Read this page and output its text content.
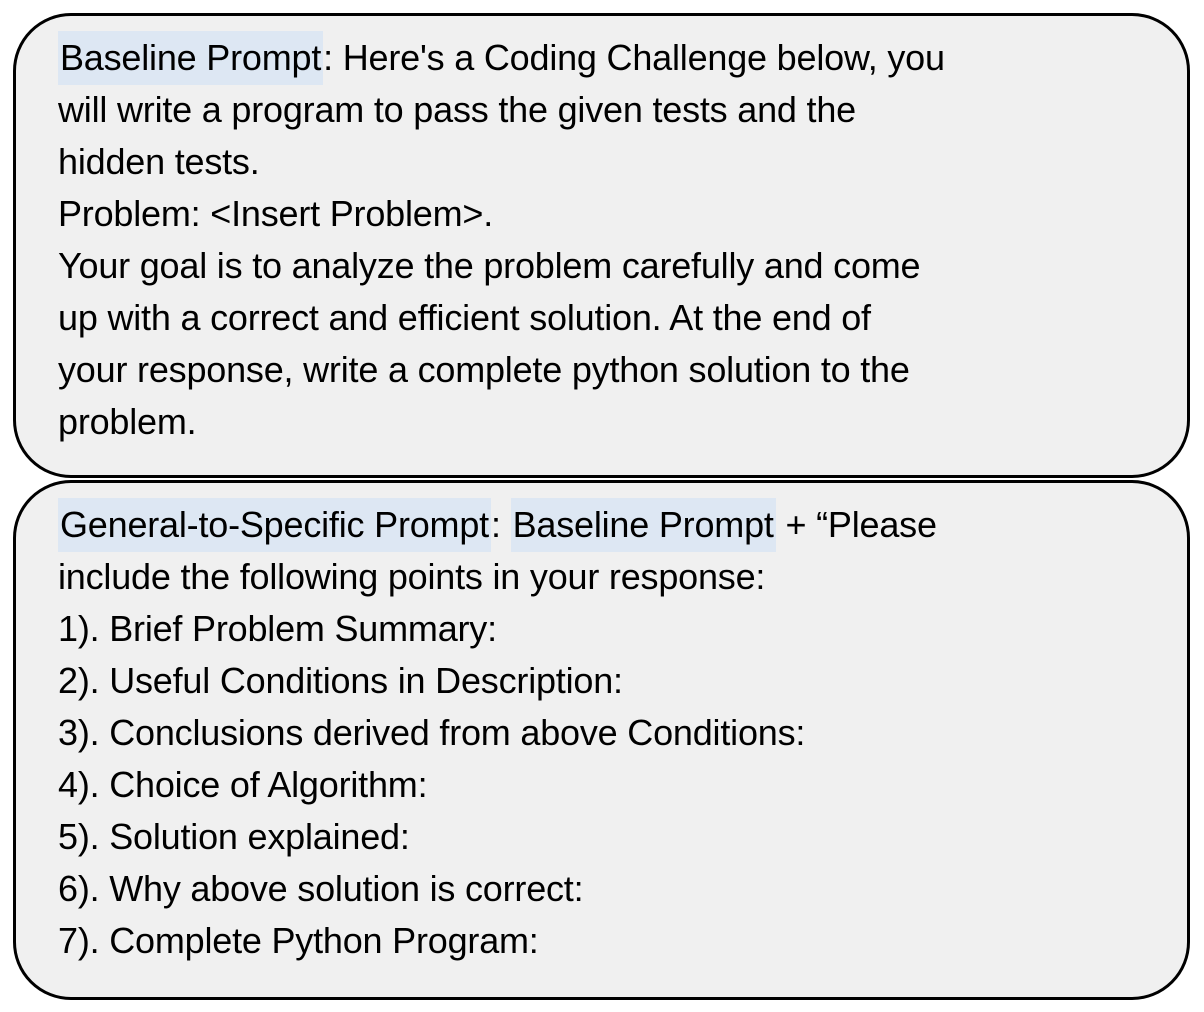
Baseline Prompt: Here's a Coding Challenge below, you
will write a program to pass the given tests and the
hidden tests.
Problem: <Insert Problem>.
Your goal is to analyze the problem carefully and come
up with a correct and efficient solution. At the end of
your response, write a complete python solution to the
problem.
General-to-Specific Prompt: Baseline Prompt + “Please
include the following points in your response:
1). Brief Problem Summary:
2). Useful Conditions in Description:
3). Conclusions derived from above Conditions:
4). Choice of Algorithm:
5). Solution explained:
6). Why above solution is correct:
7). Complete Python Program:
